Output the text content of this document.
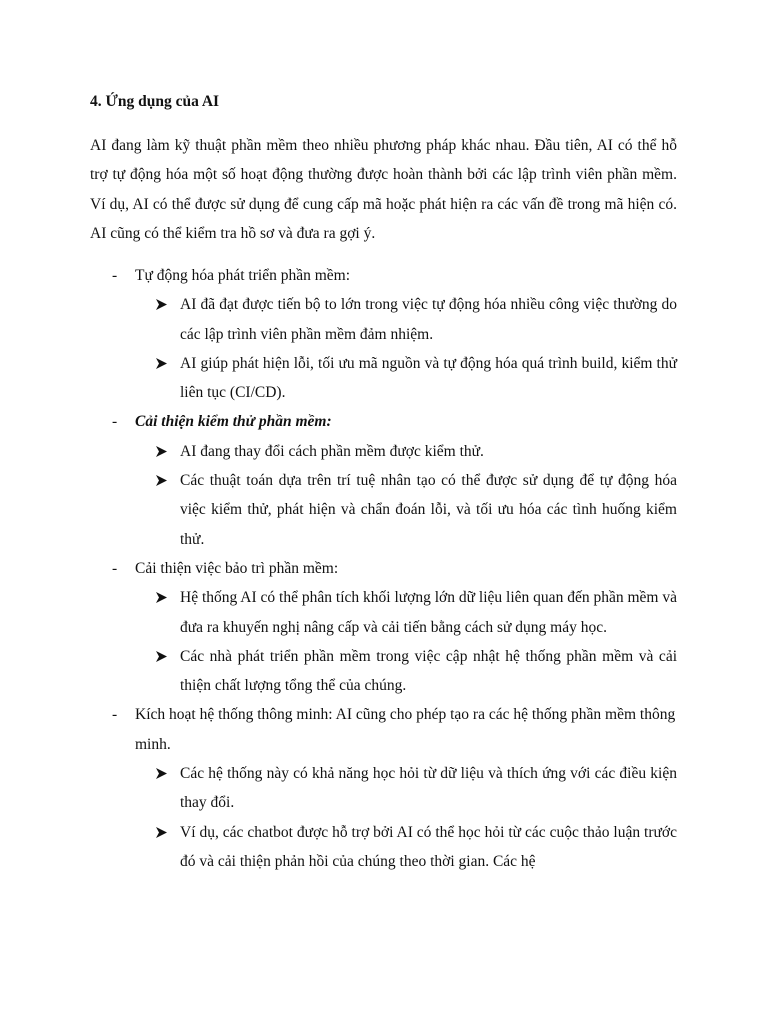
4. Ứng dụng của AI

AI đang làm kỹ thuật phần mềm theo nhiều phương pháp khác nhau. Đầu tiên, AI có thể hỗ trợ tự động hóa một số hoạt động thường được hoàn thành bởi các lập trình viên phần mềm. Ví dụ, AI có thể được sử dụng để cung cấp mã hoặc phát hiện ra các vấn đề trong mã hiện có. AI cũng có thể kiểm tra hồ sơ và đưa ra gợi ý.

- Tự động hóa phát triển phần mềm:
AI đã đạt được tiến bộ to lớn trong việc tự động hóa nhiều công việc thường do các lập trình viên phần mềm đảm nhiệm.
AI giúp phát hiện lỗi, tối ưu mã nguồn và tự động hóa quá trình build, kiểm thử liên tục (CI/CD).
- Cải thiện kiểm thử phần mềm:
AI đang thay đổi cách phần mềm được kiểm thử.
Các thuật toán dựa trên trí tuệ nhân tạo có thể được sử dụng để tự động hóa việc kiểm thử, phát hiện và chẩn đoán lỗi, và tối ưu hóa các tình huống kiểm thử.
- Cải thiện việc bảo trì phần mềm:
Hệ thống AI có thể phân tích khối lượng lớn dữ liệu liên quan đến phần mềm và đưa ra khuyến nghị nâng cấp và cải tiến bằng cách sử dụng máy học.
Các nhà phát triển phần mềm trong việc cập nhật hệ thống phần mềm và cải thiện chất lượng tổng thể của chúng.
- Kích hoạt hệ thống thông minh: AI cũng cho phép tạo ra các hệ thống phần mềm thông minh.
Các hệ thống này có khả năng học hỏi từ dữ liệu và thích ứng với các điều kiện thay đổi.
Ví dụ, các chatbot được hỗ trợ bởi AI có thể học hỏi từ các cuộc thảo luận trước đó và cải thiện phản hồi của chúng theo thời gian. Các hệ
